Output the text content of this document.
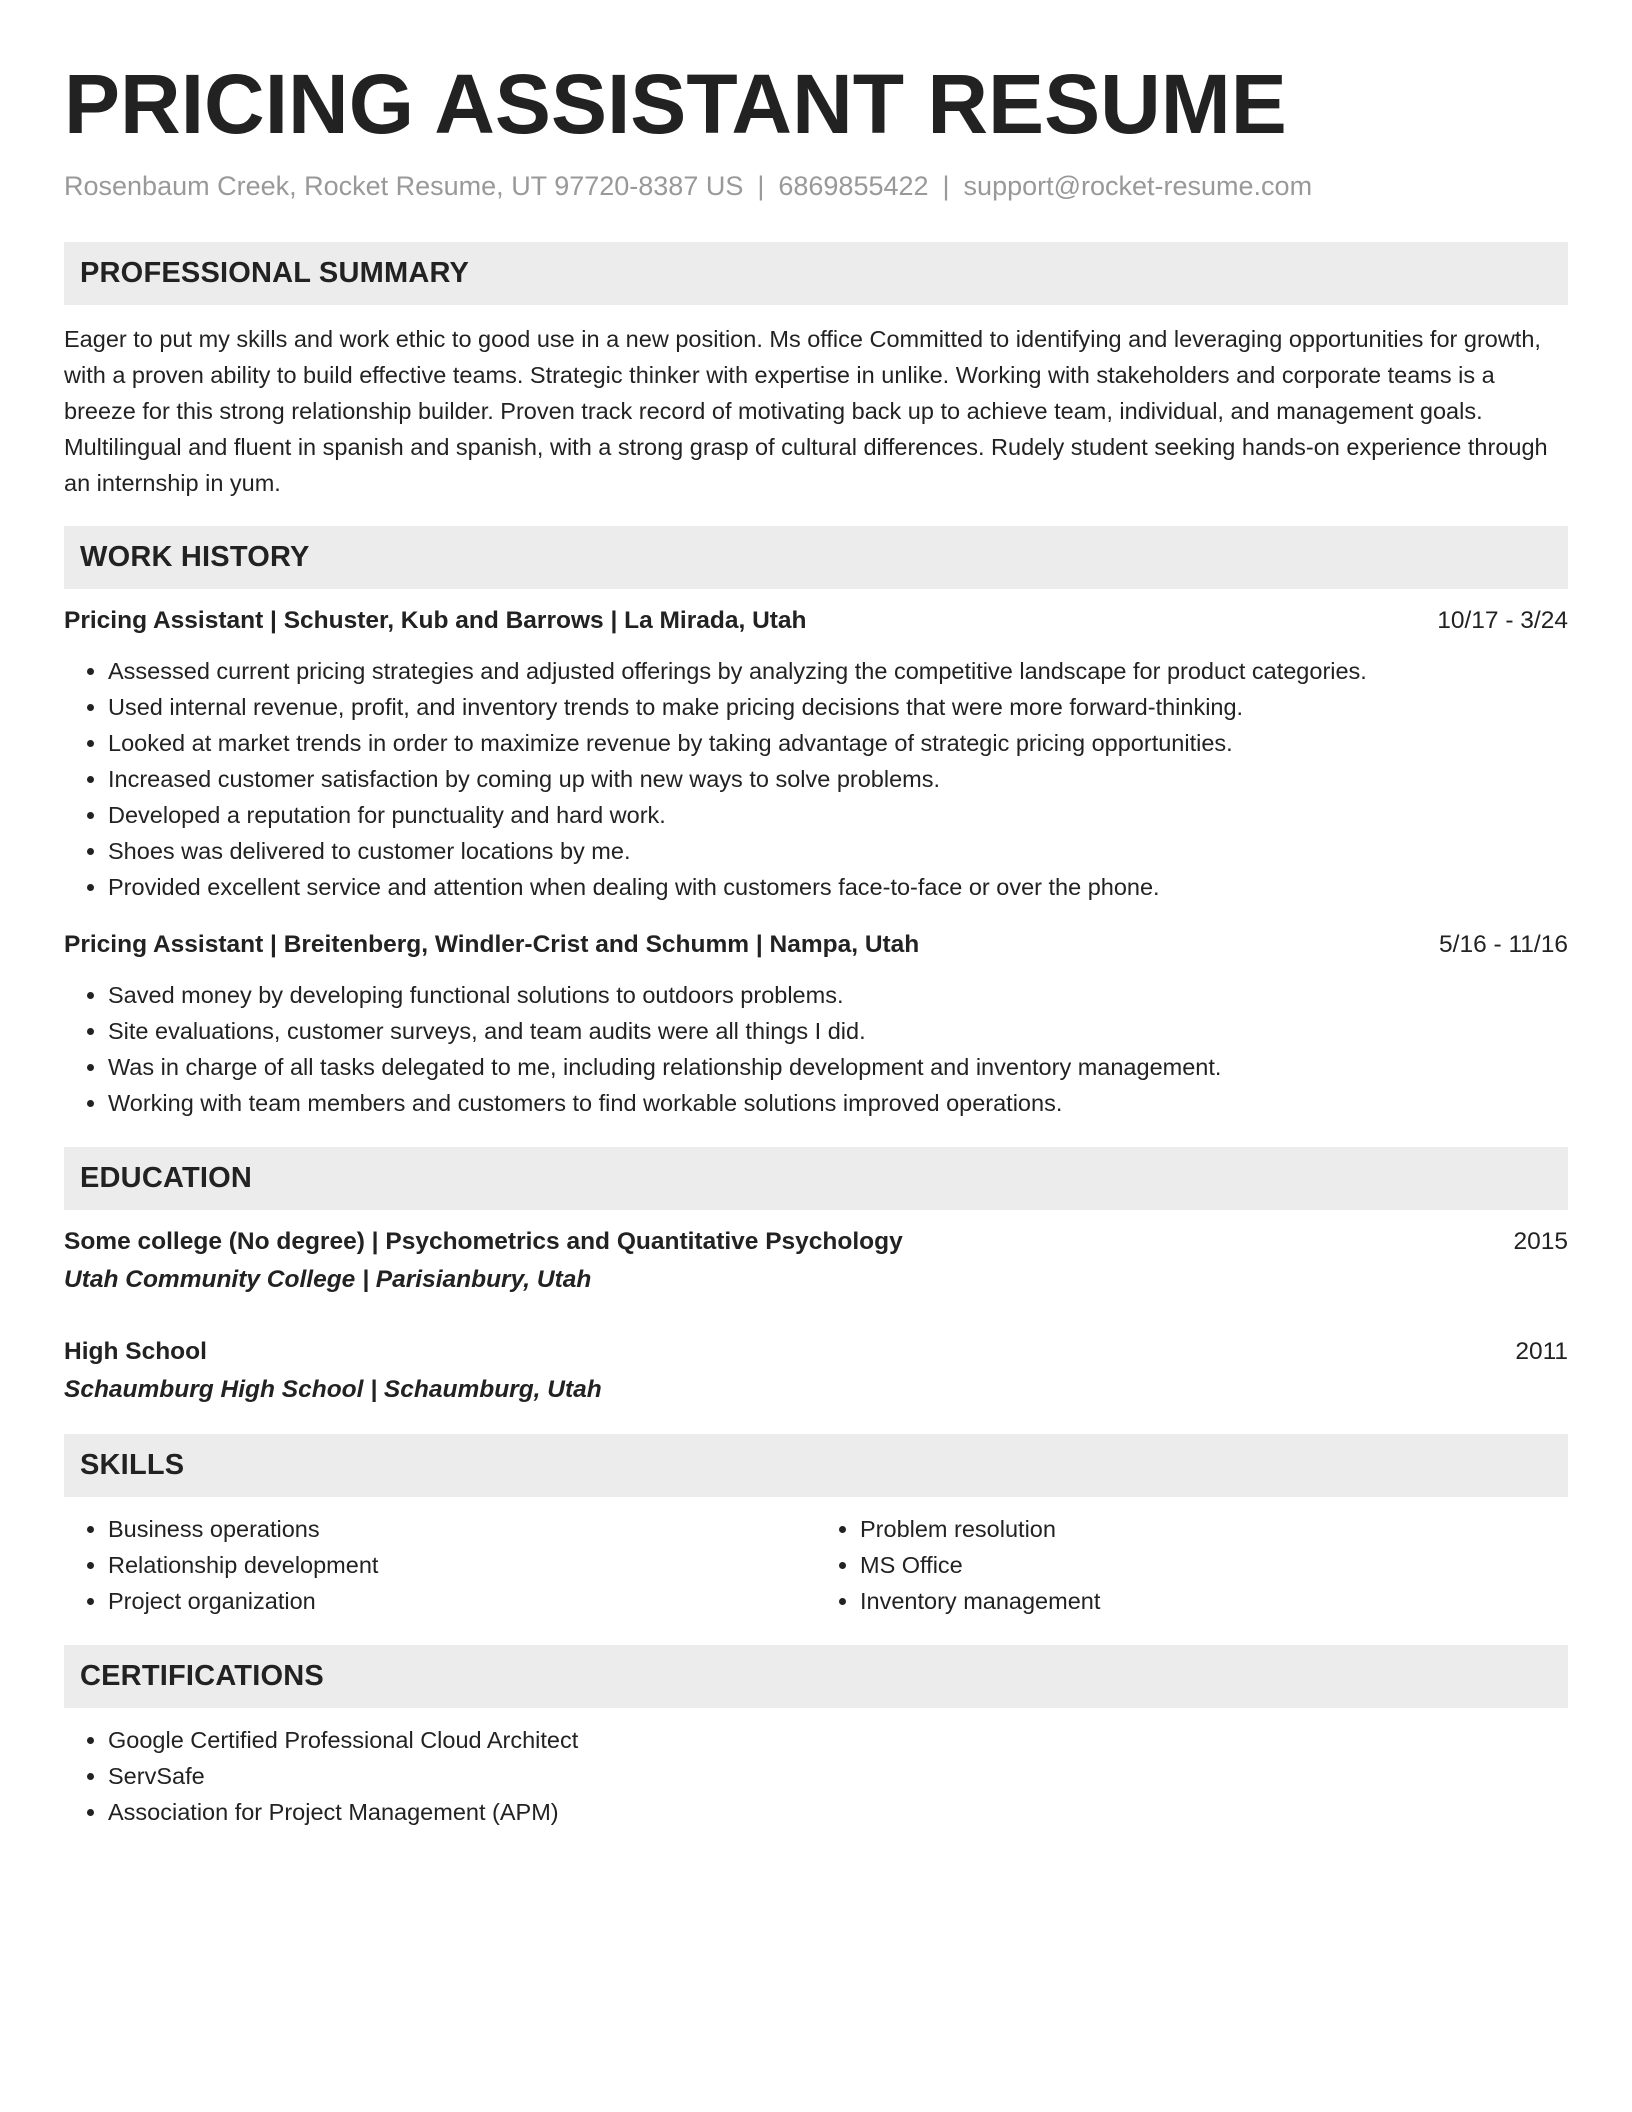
PRICING ASSISTANT RESUME
Rosenbaum Creek, Rocket Resume, UT 97720-8387 US | 6869855422 | support@rocket-resume.com
PROFESSIONAL SUMMARY

Eager to put my skills and work ethic to good use in a new position. Ms office Committed to identifying and leveraging opportunities for growth, with a proven ability to build effective teams. Strategic thinker with expertise in unlike. Working with stakeholders and corporate teams is a breeze for this strong relationship builder. Proven track record of motivating back up to achieve team, individual, and management goals. Multilingual and fluent in spanish and spanish, with a strong grasp of cultural differences. Rudely student seeking hands-on experience through an internship in yum.

WORK HISTORY
Pricing Assistant | Schuster, Kub and Barrows | La Mirada, Utah	10/17 - 3/24
• Assessed current pricing strategies and adjusted offerings by analyzing the competitive landscape for product categories.
• Used internal revenue, profit, and inventory trends to make pricing decisions that were more forward-thinking.
• Looked at market trends in order to maximize revenue by taking advantage of strategic pricing opportunities.
• Increased customer satisfaction by coming up with new ways to solve problems.
• Developed a reputation for punctuality and hard work.
• Shoes was delivered to customer locations by me.
• Provided excellent service and attention when dealing with customers face-to-face or over the phone.
Pricing Assistant | Breitenberg, Windler-Crist and Schumm | Nampa, Utah	5/16 - 11/16
• Saved money by developing functional solutions to outdoors problems.
• Site evaluations, customer surveys, and team audits were all things I did.
• Was in charge of all tasks delegated to me, including relationship development and inventory management.
• Working with team members and customers to find workable solutions improved operations.
EDUCATION
Some college (No degree) | Psychometrics and Quantitative Psychology	2015
Utah Community College | Parisianbury, Utah
High School	2011
Schaumburg High School | Schaumburg, Utah
SKILLS
• Business operations
• Relationship development
• Project organization
• Problem resolution
• MS Office
• Inventory management
CERTIFICATIONS
• Google Certified Professional Cloud Architect
• ServSafe
• Association for Project Management (APM)
